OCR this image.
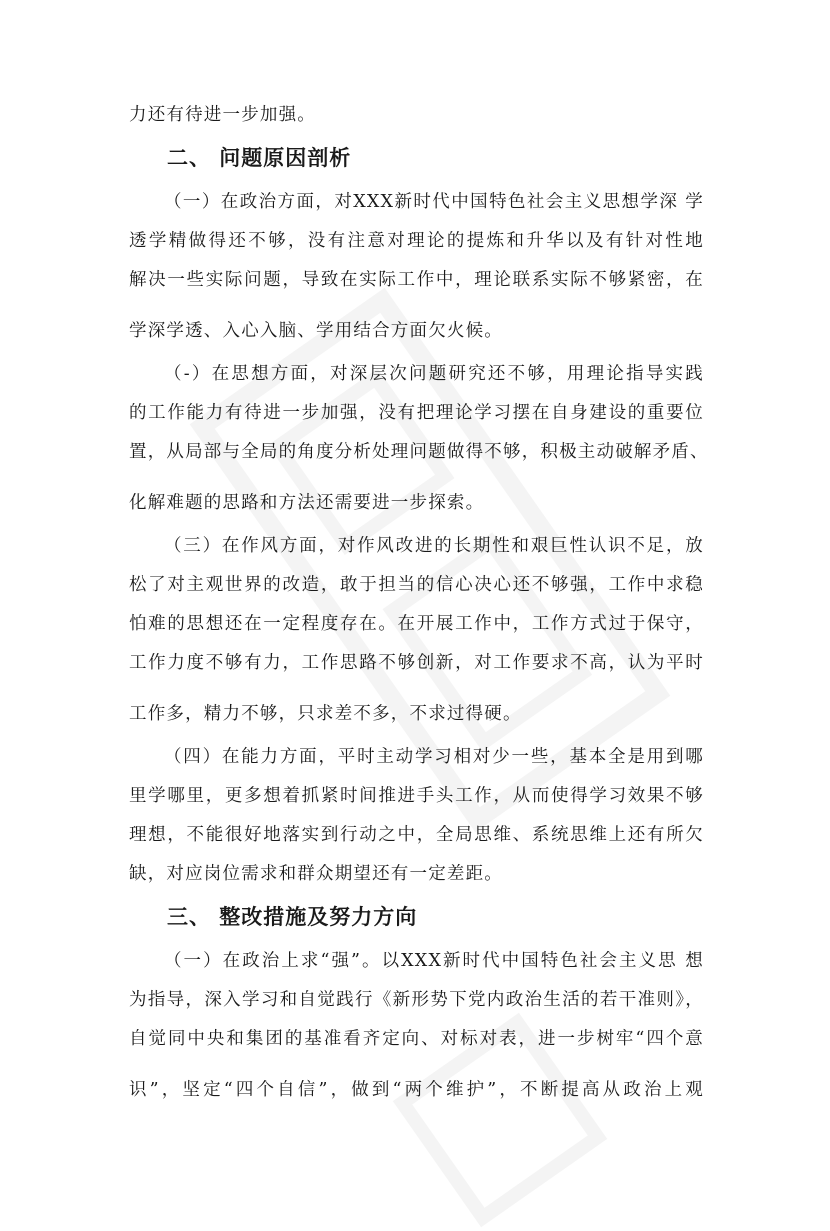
力还有待进一步加强。

二、 问题原因剖析

（一）在政治方面，对XXX新时代中国特色社会主义思想学深 学
透学精做得还不够，没有注意对理论的提炼和升华以及有针对性地
解决一些实际问题，导致在实际工作中，理论联系实际不够紧密，在
学深学透、入心入脑、学用结合方面欠火候。

（-）在思想方面，对深层次问题研究还不够，用理论指导实践
的工作能力有待进一步加强，没有把理论学习摆在自身建设的重要位
置，从局部与全局的角度分析处理问题做得不够，积极主动破解矛盾、
化解难题的思路和方法还需要进一步探索。

（三）在作风方面，对作风改进的长期性和艰巨性认识不足，放
松了对主观世界的改造，敢于担当的信心决心还不够强，工作中求稳
怕难的思想还在一定程度存在。在开展工作中，工作方式过于保守，
工作力度不够有力，工作思路不够创新，对工作要求不高，认为平时
工作多，精力不够，只求差不多，不求过得硬。

（四）在能力方面，平时主动学习相对少一些，基本全是用到哪
里学哪里，更多想着抓紧时间推进手头工作，从而使得学习效果不够
理想，不能很好地落实到行动之中，全局思维、系统思维上还有所欠
缺，对应岗位需求和群众期望还有一定差距。

三、 整改措施及努力方向

（一）在政治上求“强”。以XXX新时代中国特色社会主义思 想
为指导，深入学习和自觉践行《新形势下党内政治生活的若干准则》，
自觉同中央和集团的基准看齐定向、对标对表，进一步树牢“四个意
识”，坚定“四个自信”，做到“两个维护”，不断提高从政治上观
